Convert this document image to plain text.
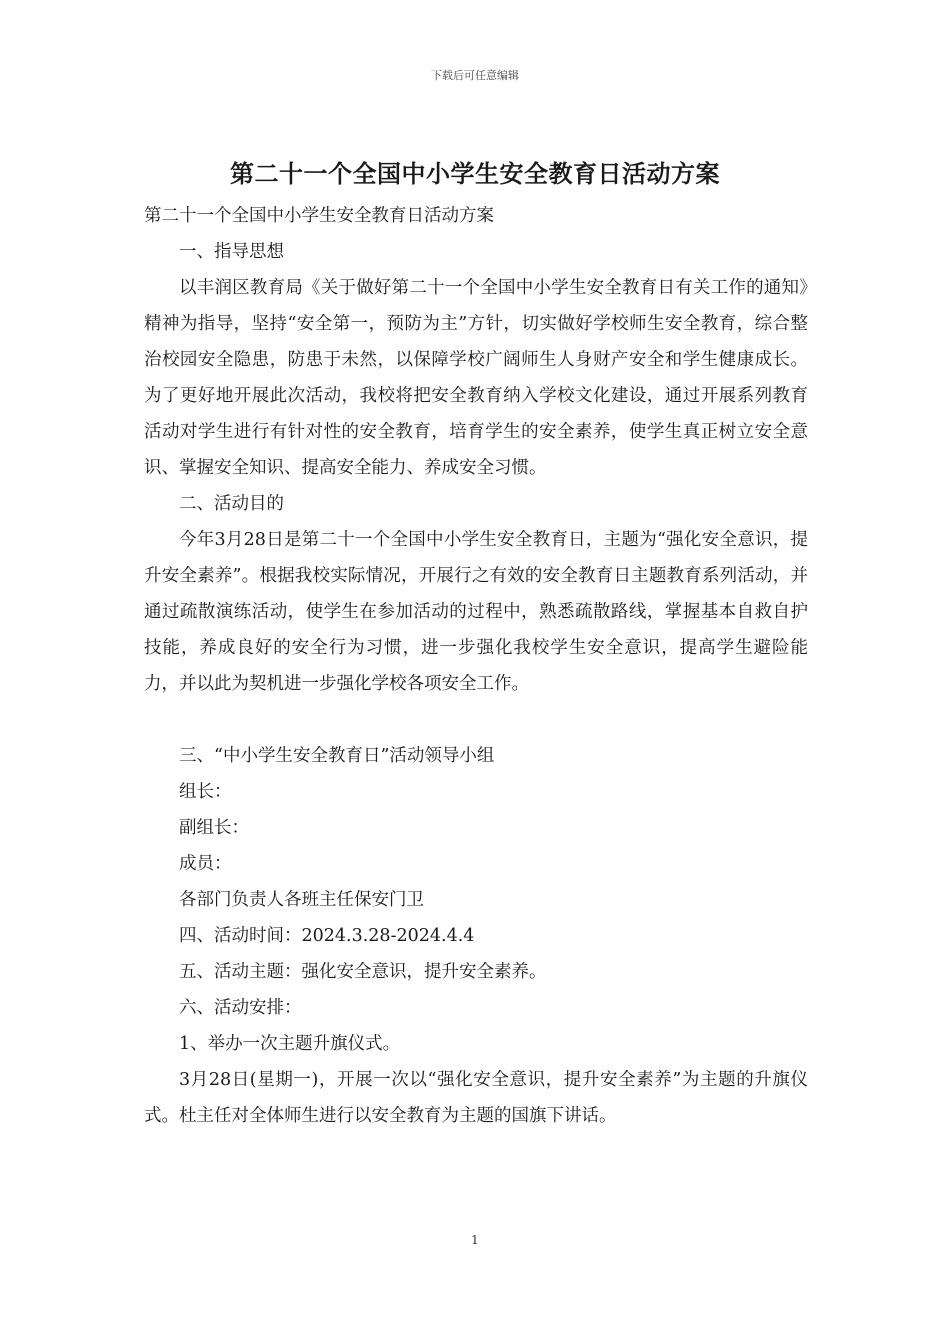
下载后可任意编辑
第二十一个全国中小学生安全教育日活动方案

第二十一个全国中小学生安全教育日活动方案

一、指导思想

以丰润区教育局《关于做好第二十一个全国中小学生安全教育日有关工作的通知》精神为指导，坚持“安全第一，预防为主”方针，切实做好学校师生安全教育，综合整治校园安全隐患，防患于未然，以保障学校广阔师生人身财产安全和学生健康成长。为了更好地开展此次活动，我校将把安全教育纳入学校文化建设，通过开展系列教育活动对学生进行有针对性的安全教育，培育学生的安全素养，使学生真正树立安全意识、掌握安全知识、提高安全能力、养成安全习惯。

二、活动目的

今年3月28日是第二十一个全国中小学生安全教育日，主题为“强化安全意识，提升安全素养”。根据我校实际情况，开展行之有效的安全教育日主题教育系列活动，并通过疏散演练活动，使学生在参加活动的过程中，熟悉疏散路线，掌握基本自救自护技能，养成良好的安全行为习惯，进一步强化我校学生安全意识，提高学生避险能力，并以此为契机进一步强化学校各项安全工作。

三、“中小学生安全教育日”活动领导小组

组长：

副组长：

成员：

各部门负责人各班主任保安门卫

四、活动时间：2024.3.28-2024.4.4

五、活动主题：强化安全意识，提升安全素养。

六、活动安排：

1、举办一次主题升旗仪式。

3月28日(星期一)，开展一次以“强化安全意识，提升安全素养”为主题的升旗仪式。杜主任对全体师生进行以安全教育为主题的国旗下讲话。

1
